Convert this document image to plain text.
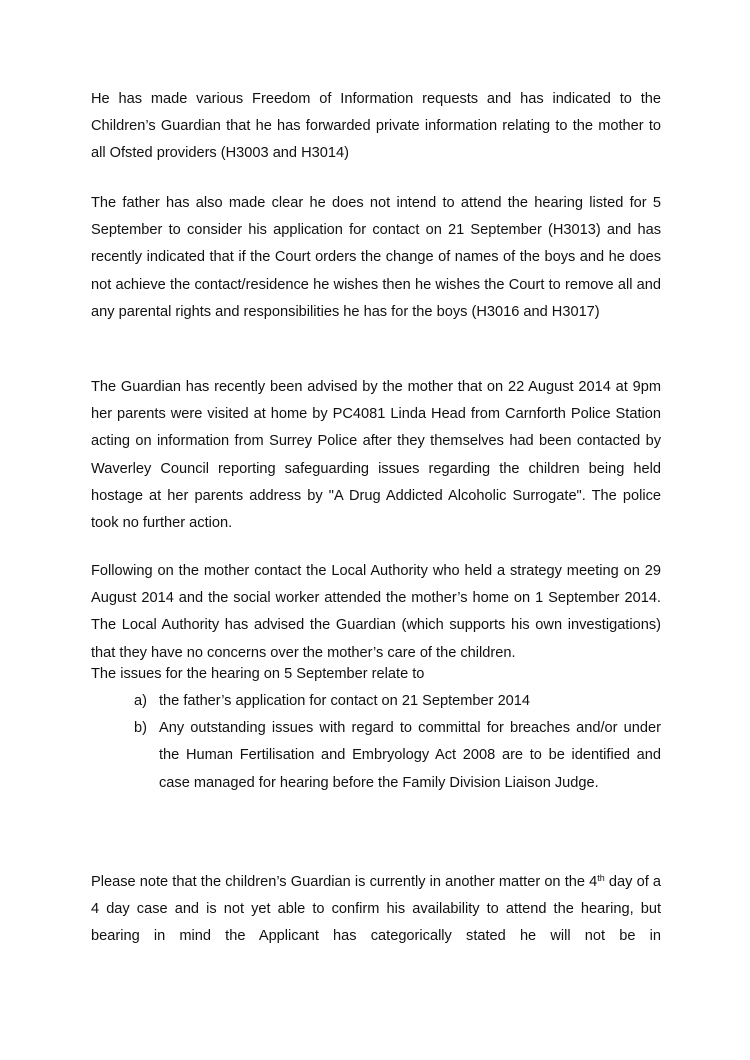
He has made various Freedom of Information requests and has indicated to the Children’s Guardian that he has forwarded private information relating to the mother to all Ofsted providers (H3003 and H3014)

The father has also made clear he does not intend to attend the hearing listed for 5 September to consider his application for contact on 21 September (H3013) and has recently indicated that if the Court orders the change of names of the boys and he does not achieve the contact/residence he wishes then he wishes the Court to remove all and any parental rights and responsibilities he has for the boys (H3016 and H3017)

The Guardian has recently been advised by the mother that on 22 August 2014 at 9pm her parents were visited at home by PC4081 Linda Head from Carnforth Police Station acting on information from Surrey Police after they themselves had been contacted by Waverley Council reporting safeguarding issues regarding the children being held hostage at her parents address by "A Drug Addicted Alcoholic Surrogate". The police took no further action.

Following on the mother contact the Local Authority who held a strategy meeting on 29 August 2014 and the social worker attended the mother’s home on 1 September 2014. The Local Authority has advised the Guardian (which supports his own investigations) that they have no concerns over the mother’s care of the children.

The issues for the hearing on 5 September relate to

a) the father’s application for contact on 21 September 2014
b) Any outstanding issues with regard to committal for breaches and/or under the Human Fertilisation and Embryology Act 2008 are to be identified and case managed for hearing before the Family Division Liaison Judge.

Please note that the children’s Guardian is currently in another matter on the 4th day of a 4 day case and is not yet able to confirm his availability to attend the hearing, but bearing in mind the Applicant has categorically stated he will not be in
